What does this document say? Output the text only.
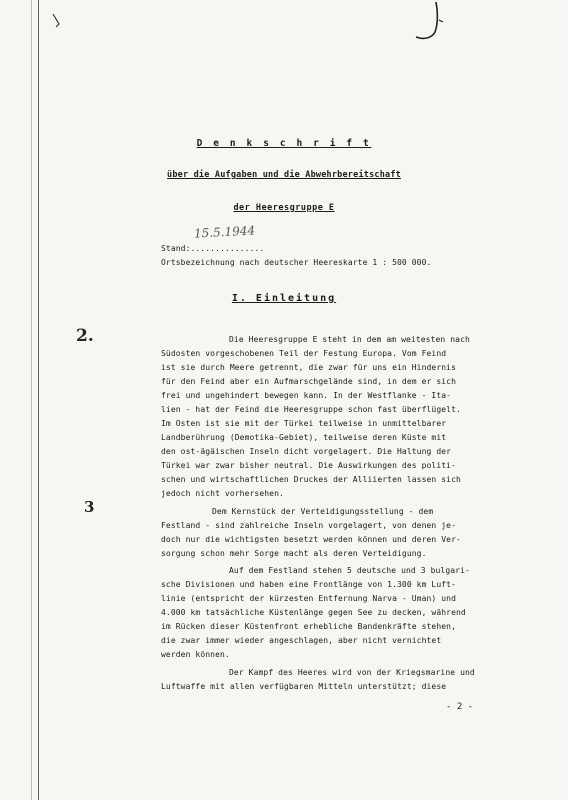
D e n k s c h r i f t
über die Aufgaben und die Abwehrbereitschaft
der Heeresgruppe E
Stand:...............
15.5.1944
Ortsbezeichnung nach deutscher Heereskarte 1 : 500 000.
I. Einleitung
2.
3
Die Heeresgruppe E steht in dem am weitesten nach
Südosten vorgeschobenen Teil der Festung Europa. Vom Feind
ist sie durch Meere getrennt, die zwar für uns ein Hindernis
für den Feind aber ein Aufmarschgelände sind, in dem er sich
frei und ungehindert bewegen kann. In der Westflanke - Ita-
lien - hat der Feind die Heeresgruppe schon fast überflügelt.
Im Osten ist sie mit der Türkei teilweise in unmittelbarer
Landberührung (Demotika-Gebiet), teilweise deren Küste mit
den ost-ägäischen Inseln dicht vorgelagert. Die Haltung der
Türkei war zwar bisher neutral. Die Auswirkungen des politi-
schen und wirtschaftlichen Druckes der Alliierten lassen sich
jedoch nicht vorhersehen.
Dem Kernstück der Verteidigungsstellung - dem
Festland - sind zahlreiche Inseln vorgelagert, von denen je-
doch nur die wichtigsten besetzt werden können und deren Ver-
sorgung schon mehr Sorge macht als deren Verteidigung.
Auf dem Festland stehen 5 deutsche und 3 bulgari-
sche Divisionen und haben eine Frontlänge von 1.300 km Luft-
linie (entspricht der kürzesten Entfernung Narva - Uman) und
4.000 km tatsächliche Küstenlänge gegen See zu decken, während
im Rücken dieser Küstenfront erhebliche Bandenkräfte stehen,
die zwar immer wieder angeschlagen, aber nicht vernichtet
werden können.
Der Kampf des Heeres wird von der Kriegsmarine und
Luftwaffe mit allen verfügbaren Mitteln unterstützt; diese
- 2 -
